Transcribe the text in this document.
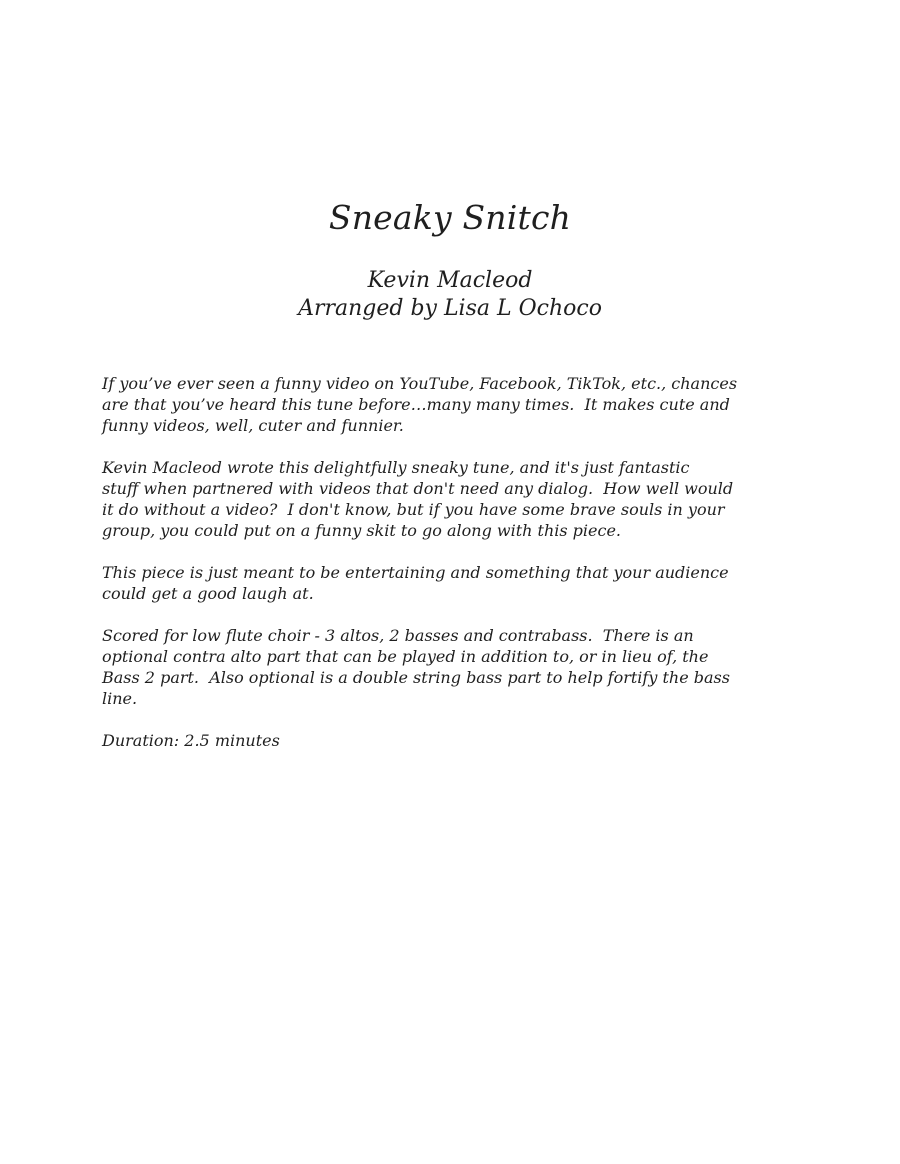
Sneaky Snitch
Kevin Macleod
Arranged by Lisa L Ochoco

If you’ve ever seen a funny video on YouTube, Facebook, TikTok, etc., chances
are that you’ve heard this tune before…many many times.  It makes cute and
funny videos, well, cuter and funnier.

Kevin Macleod wrote this delightfully sneaky tune, and it's just fantastic
stuff when partnered with videos that don't need any dialog.  How well would
it do without a video?  I don't know, but if you have some brave souls in your
group, you could put on a funny skit to go along with this piece.

This piece is just meant to be entertaining and something that your audience
could get a good laugh at.

Scored for low flute choir - 3 altos, 2 basses and contrabass.  There is an
optional contra alto part that can be played in addition to, or in lieu of, the
Bass 2 part.  Also optional is a double string bass part to help fortify the bass
line.

Duration: 2.5 minutes
